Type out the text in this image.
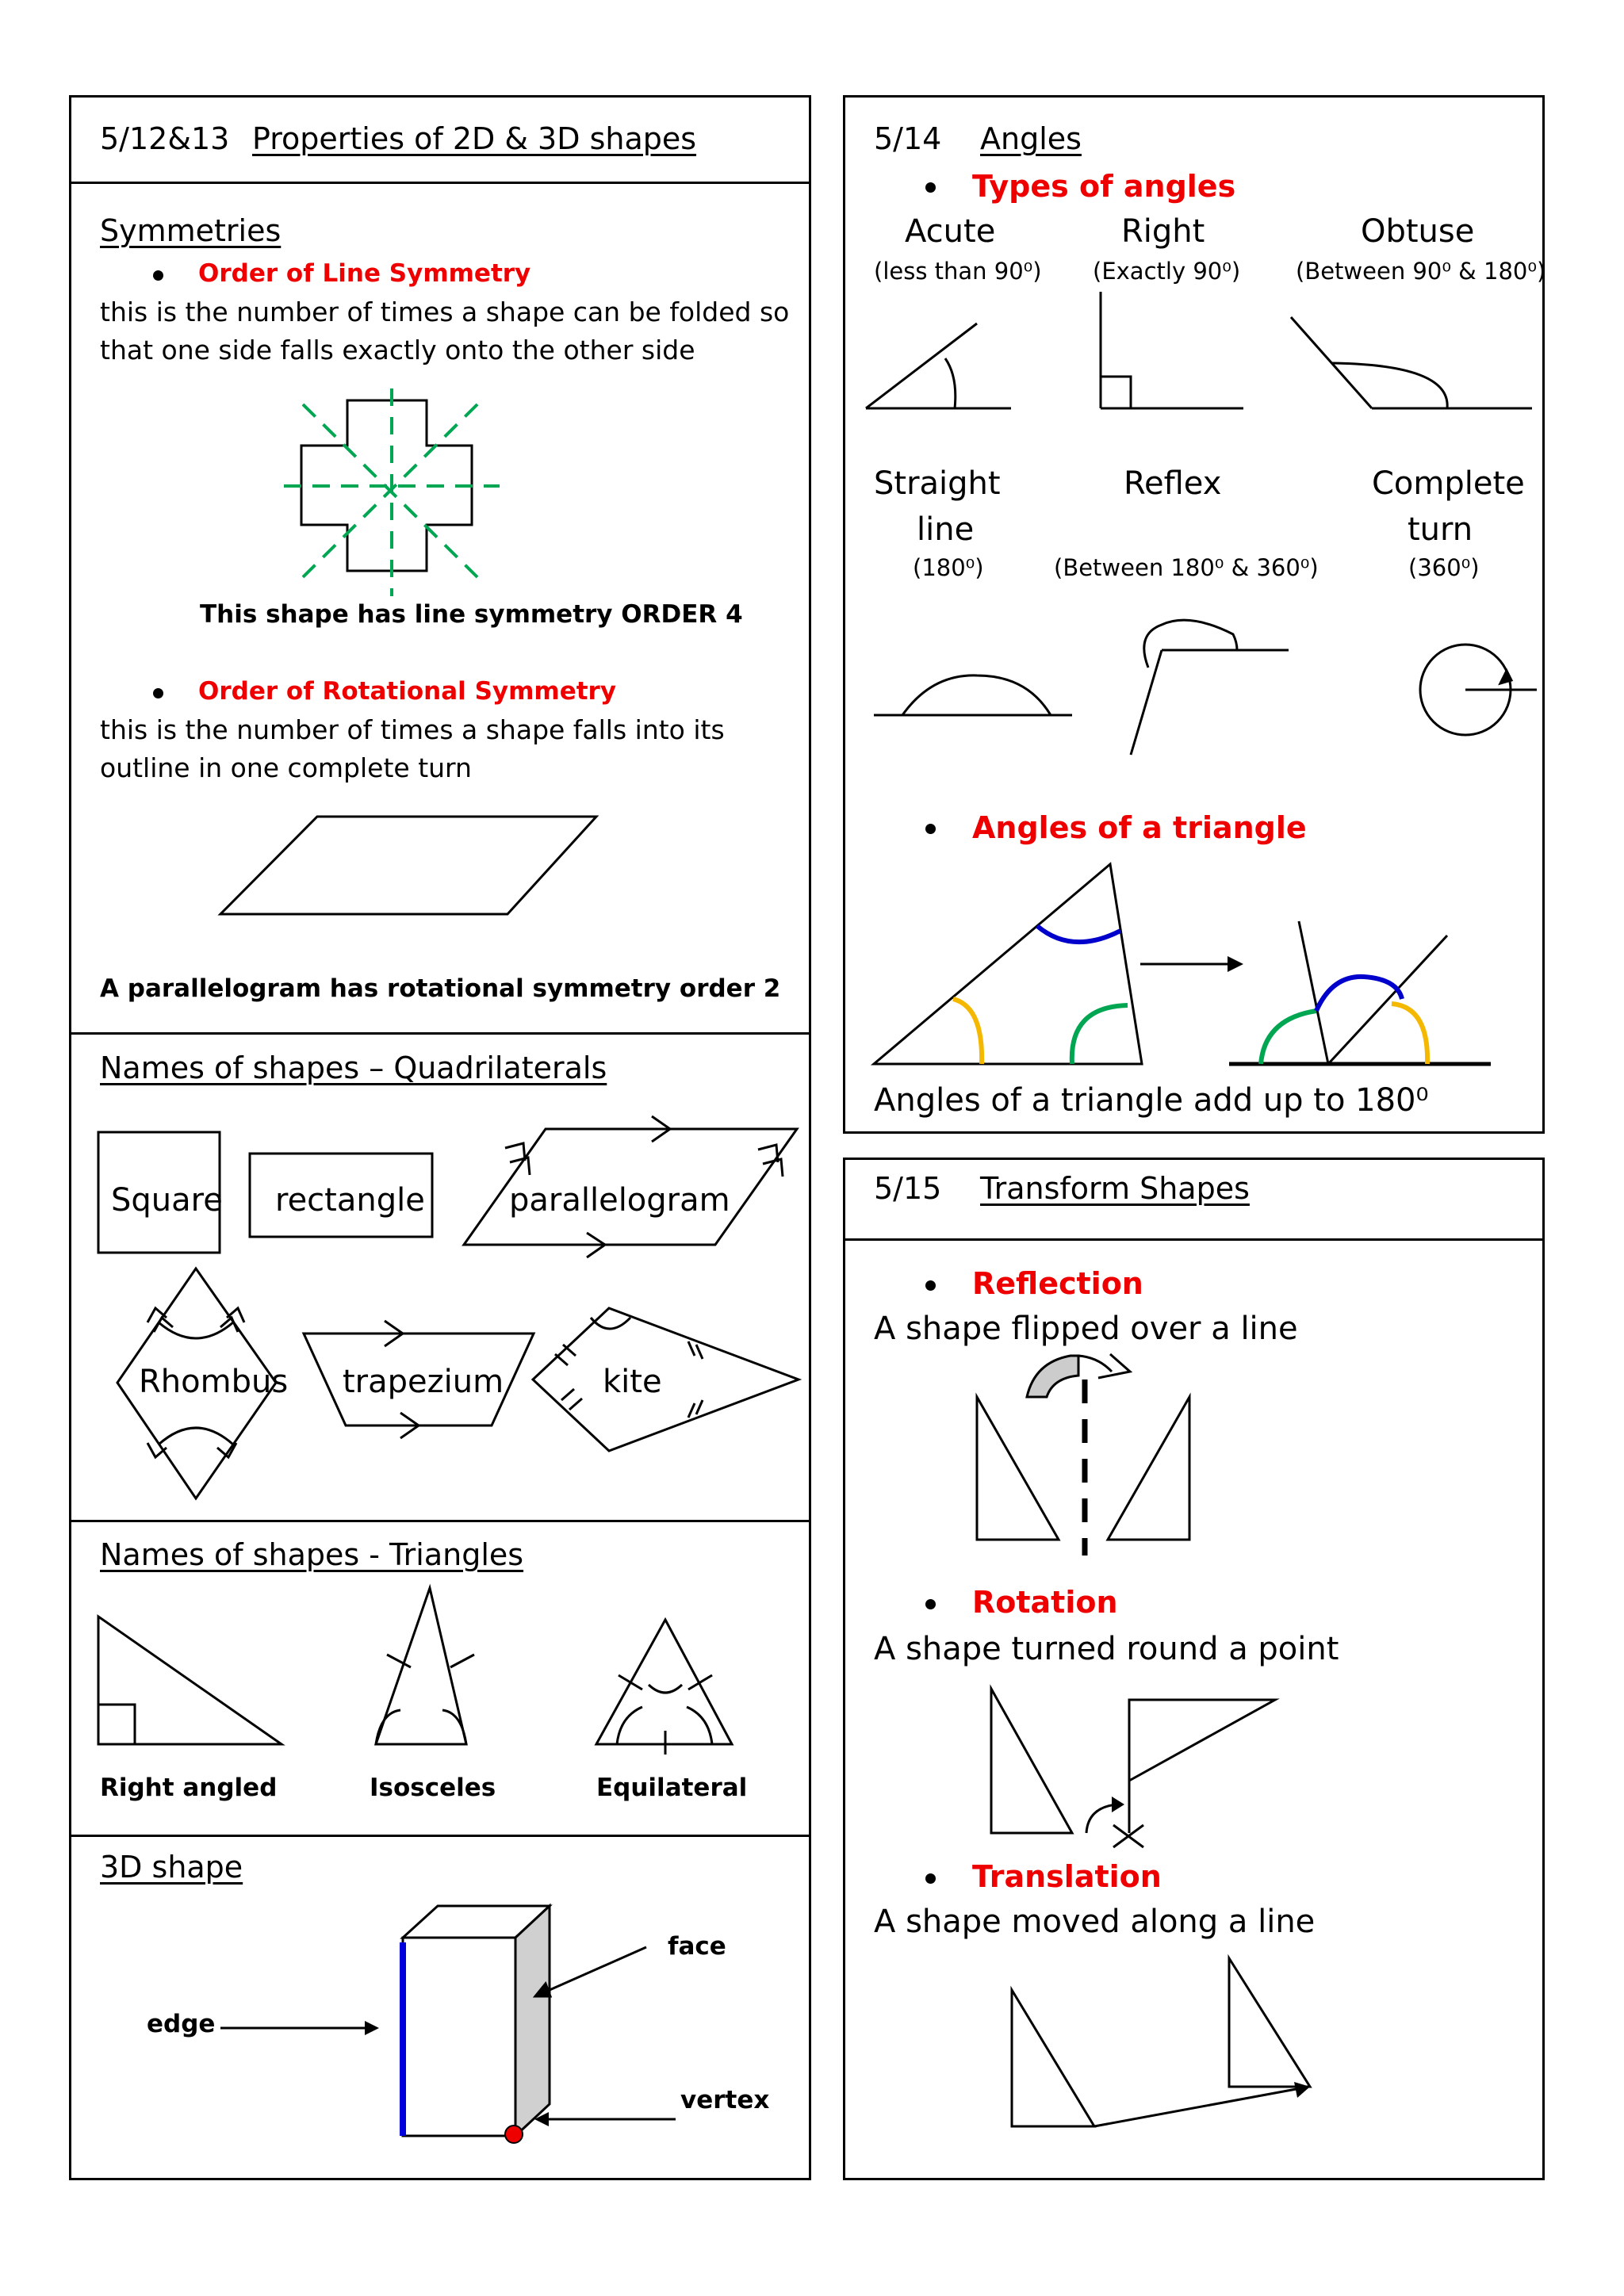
5/12&13 Properties of 2D & 3D shapes
Symmetries
Order of Line Symmetry
this is the number of times a shape can be folded so
that one side falls exactly onto the other side
This shape has line symmetry ORDER 4
Order of Rotational Symmetry
this is the number of times a shape falls into its
outline in one complete turn
A parallelogram has rotational symmetry order 2
Names of shapes – Quadrilaterals
Square rectangle	parallelogram
Rhombus trapezium	kite
Names of shapes - Triangles
Right angled	Isosceles	Equilateral
3D shape
face
edge
vertex
5/14 Angles
Types of angles
Acute
(less than 90⁰)
Right
(Exactly 90⁰)
Obtuse
(Between 90⁰ & 180⁰)
Straight
line
(180⁰)
Reflex
(Between 180⁰ & 360⁰)
Complete
turn
(360⁰)
Angles of a triangle
Angles of a triangle add up to 180⁰
5/15 Transform Shapes
Reflection
A shape flipped over a line
Rotation
A shape turned round a point
Translation
A shape moved along a line
